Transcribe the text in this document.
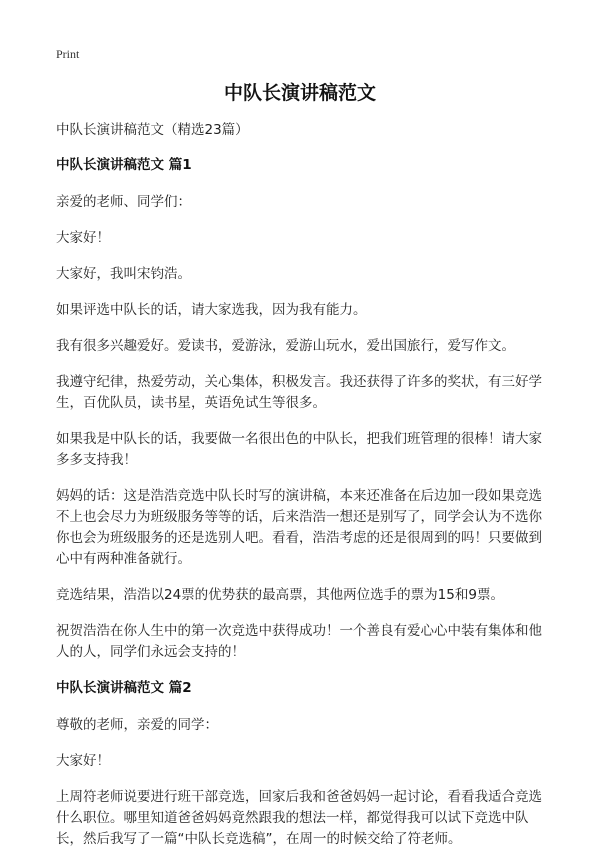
Print
中队长演讲稿范文

中队长演讲稿范文（精选23篇）

中队长演讲稿范文 篇1

亲爱的老师、同学们：

大家好！

大家好，我叫宋钧浩。

如果评选中队长的话，请大家选我，因为我有能力。

我有很多兴趣爱好。爱读书，爱游泳，爱游山玩水，爱出国旅行，爱写作文。

我遵守纪律，热爱劳动，关心集体，积极发言。我还获得了许多的奖状，有三好学生，百优队员，读书星，英语免试生等很多。

如果我是中队长的话，我要做一名很出色的中队长，把我们班管理的很棒！请大家多多支持我！

妈妈的话：这是浩浩竞选中队长时写的演讲稿，本来还准备在后边加一段如果竞选不上也会尽力为班级服务等等的话，后来浩浩一想还是别写了，同学会认为不选你你也会为班级服务的还是选别人吧。看看，浩浩考虑的还是很周到的吗！只要做到心中有两种准备就行。

竞选结果，浩浩以24票的优势获的最高票，其他两位选手的票为15和9票。

祝贺浩浩在你人生中的第一次竞选中获得成功！一个善良有爱心心中装有集体和他人的人，同学们永远会支持的！

中队长演讲稿范文 篇2

尊敬的老师，亲爱的同学：

大家好！

上周符老师说要进行班干部竞选，回家后我和爸爸妈妈一起讨论，看看我适合竞选什么职位。哪里知道爸爸妈妈竟然跟我的想法一样，都觉得我可以试下竞选中队长，然后我写了一篇“中队长竞选稿”，在周一的时候交给了符老师。
